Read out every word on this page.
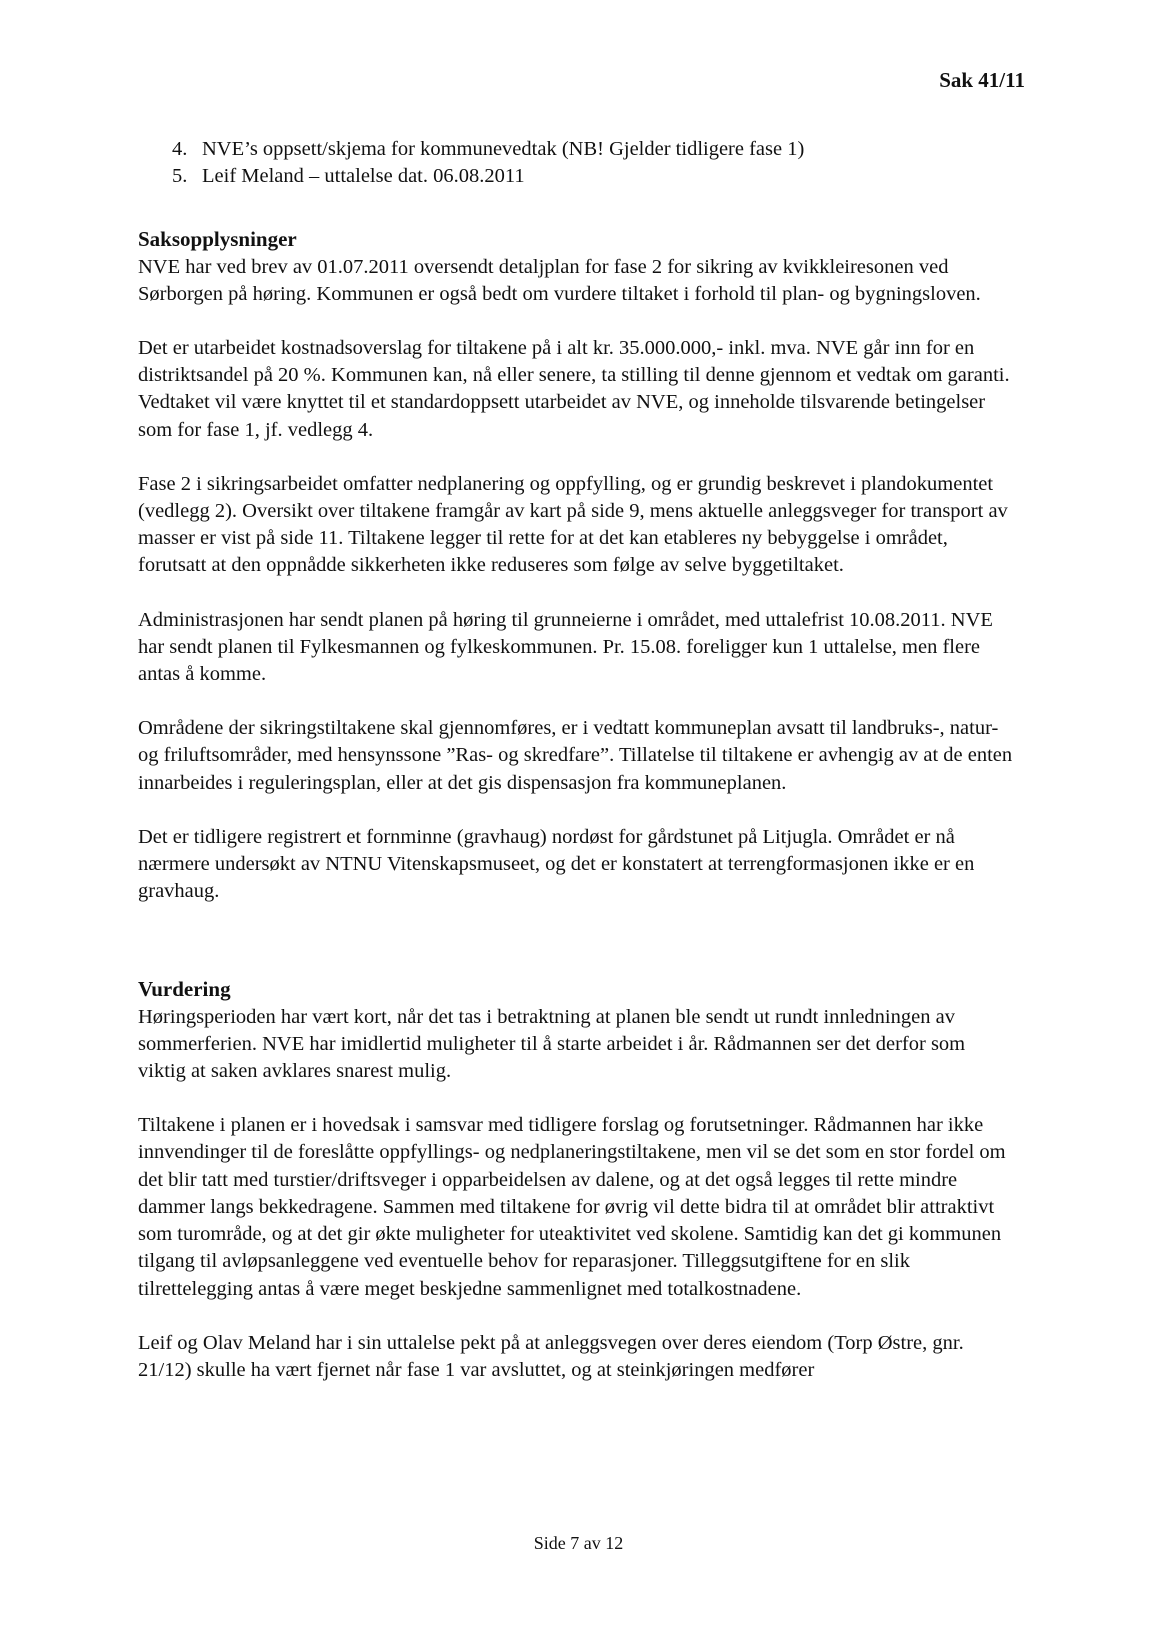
Sak 41/11
4. NVE’s oppsett/skjema for kommunevedtak (NB! Gjelder tidligere fase 1)
5. Leif Meland – uttalelse dat. 06.08.2011
Saksopplysninger

NVE har ved brev av 01.07.2011 oversendt detaljplan for fase 2 for sikring av kvikkleiresonen ved Sørborgen på høring. Kommunen er også bedt om vurdere tiltaket i forhold til plan- og bygningsloven.

Det er utarbeidet kostnadsoverslag for tiltakene på i alt kr. 35.000.000,- inkl. mva. NVE går inn for en distriktsandel på 20 %. Kommunen kan, nå eller senere, ta stilling til denne gjennom et vedtak om garanti. Vedtaket vil være knyttet til et standardoppsett utarbeidet av NVE, og inneholde tilsvarende betingelser som for fase 1, jf. vedlegg 4.

Fase 2 i sikringsarbeidet omfatter nedplanering og oppfylling, og er grundig beskrevet i plandokumentet (vedlegg 2). Oversikt over tiltakene framgår av kart på side 9, mens aktuelle anleggsveger for transport av masser er vist på side 11. Tiltakene legger til rette for at det kan etableres ny bebyggelse i området, forutsatt at den oppnådde sikkerheten ikke reduseres som følge av selve byggetiltaket.

Administrasjonen har sendt planen på høring til grunneierne i området, med uttalefrist 10.08.2011. NVE har sendt planen til Fylkesmannen og fylkeskommunen. Pr. 15.08. foreligger kun 1 uttalelse, men flere antas å komme.

Områdene der sikringstiltakene skal gjennomføres, er i vedtatt kommuneplan avsatt til landbruks-, natur- og friluftsområder, med hensynssone ”Ras- og skredfare”. Tillatelse til tiltakene er avhengig av at de enten innarbeides i reguleringsplan, eller at det gis dispensasjon fra kommuneplanen.

Det er tidligere registrert et fornminne (gravhaug) nordøst for gårdstunet på Litjugla. Området er nå nærmere undersøkt av NTNU Vitenskapsmuseet, og det er konstatert at terrengformasjonen ikke er en gravhaug.

Vurdering

Høringsperioden har vært kort, når det tas i betraktning at planen ble sendt ut rundt innledningen av sommerferien. NVE har imidlertid muligheter til å starte arbeidet i år. Rådmannen ser det derfor som viktig at saken avklares snarest mulig.

Tiltakene i planen er i hovedsak i samsvar med tidligere forslag og forutsetninger. Rådmannen har ikke innvendinger til de foreslåtte oppfyllings- og nedplaneringstiltakene, men vil se det som en stor fordel om det blir tatt med turstier/driftsveger i opparbeidelsen av dalene, og at det også legges til rette mindre dammer langs bekkedragene. Sammen med tiltakene for øvrig vil dette bidra til at området blir attraktivt som turområde, og at det gir økte muligheter for uteaktivitet ved skolene. Samtidig kan det gi kommunen tilgang til avløpsanleggene ved eventuelle behov for reparasjoner. Tilleggsutgiftene for en slik tilrettelegging antas å være meget beskjedne sammenlignet med totalkostnadene.

Leif og Olav Meland har i sin uttalelse pekt på at anleggsvegen over deres eiendom (Torp Østre, gnr. 21/12) skulle ha vært fjernet når fase 1 var avsluttet, og at steinkjøringen medfører

Side 7 av 12
